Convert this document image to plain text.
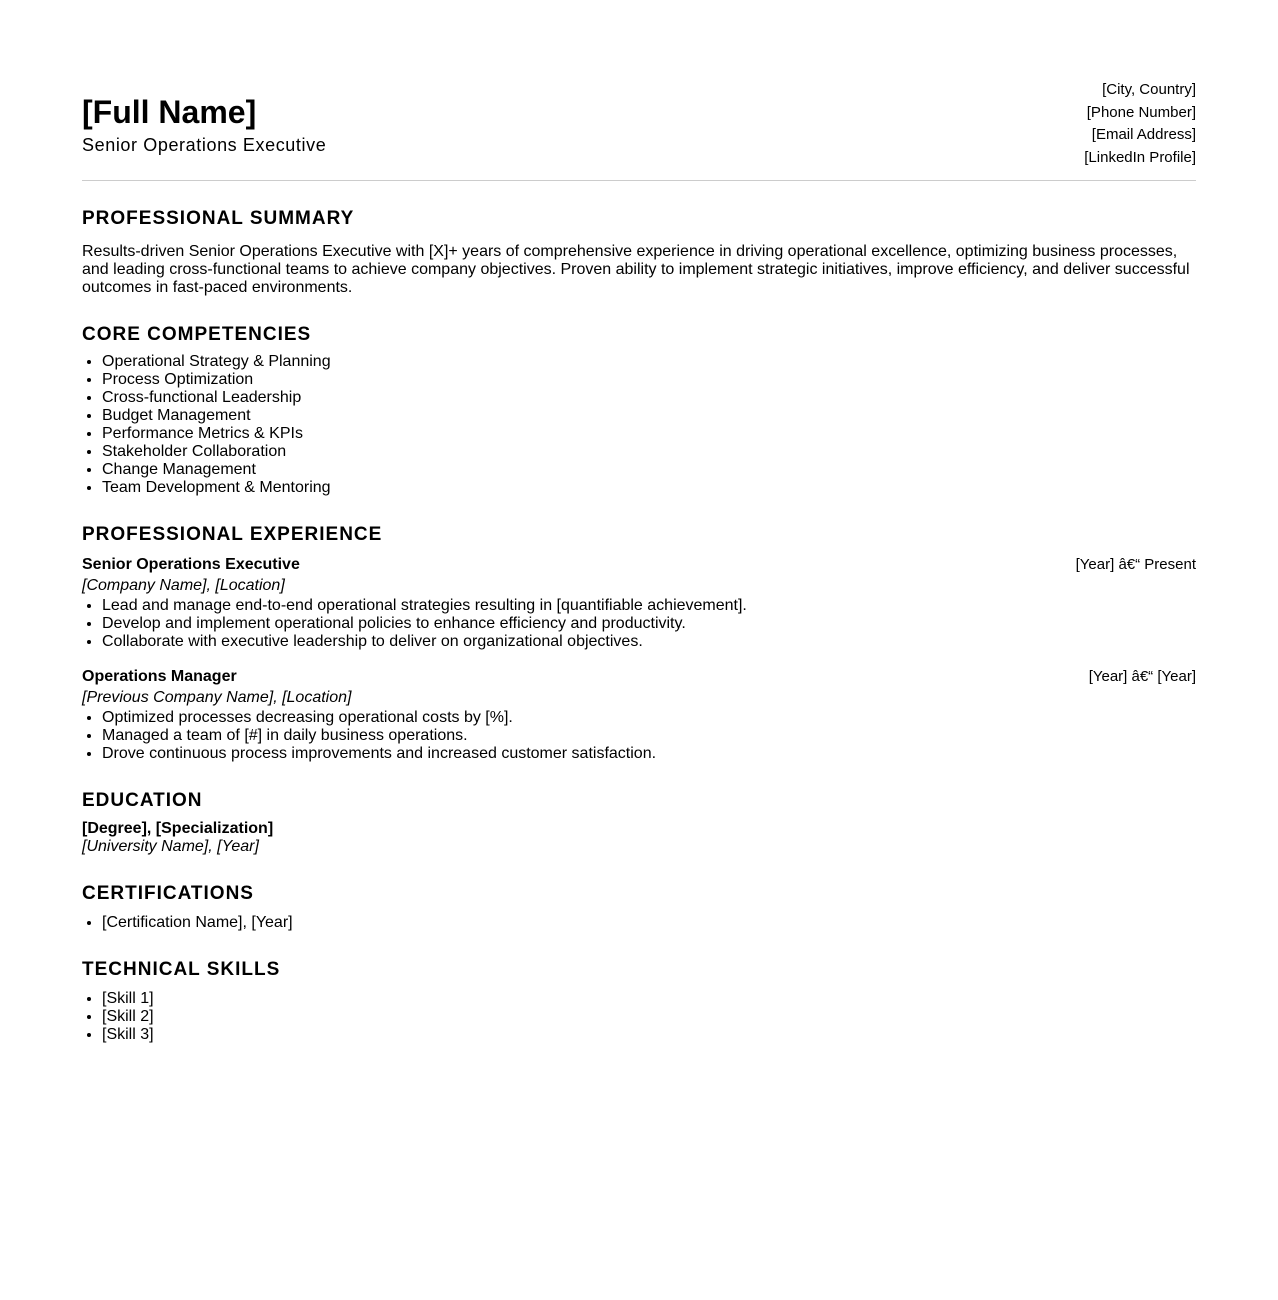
[Full Name]
Senior Operations Executive
[City, Country]
[Phone Number]
[Email Address]
[LinkedIn Profile]
PROFESSIONAL SUMMARY

Results-driven Senior Operations Executive with [X]+ years of comprehensive experience in driving operational excellence, optimizing business processes, and leading cross-functional teams to achieve company objectives. Proven ability to implement strategic initiatives, improve efficiency, and deliver successful outcomes in fast-paced environments.

CORE COMPETENCIES
• Operational Strategy & Planning
• Process Optimization
• Cross-functional Leadership
• Budget Management
• Performance Metrics & KPIs
• Stakeholder Collaboration
• Change Management
• Team Development & Mentoring
PROFESSIONAL EXPERIENCE
Senior Operations Executive	[Year] â€“ Present
[Company Name], [Location]
• Lead and manage end-to-end operational strategies resulting in [quantifiable achievement].
• Develop and implement operational policies to enhance efficiency and productivity.
• Collaborate with executive leadership to deliver on organizational objectives.
Operations Manager	[Year] â€“ [Year]
[Previous Company Name], [Location]
• Optimized processes decreasing operational costs by [%].
• Managed a team of [#] in daily business operations.
• Drove continuous process improvements and increased customer satisfaction.
EDUCATION
[Degree], [Specialization]
[University Name], [Year]
CERTIFICATIONS
• [Certification Name], [Year]
TECHNICAL SKILLS
• [Skill 1]
• [Skill 2]
• [Skill 3]
